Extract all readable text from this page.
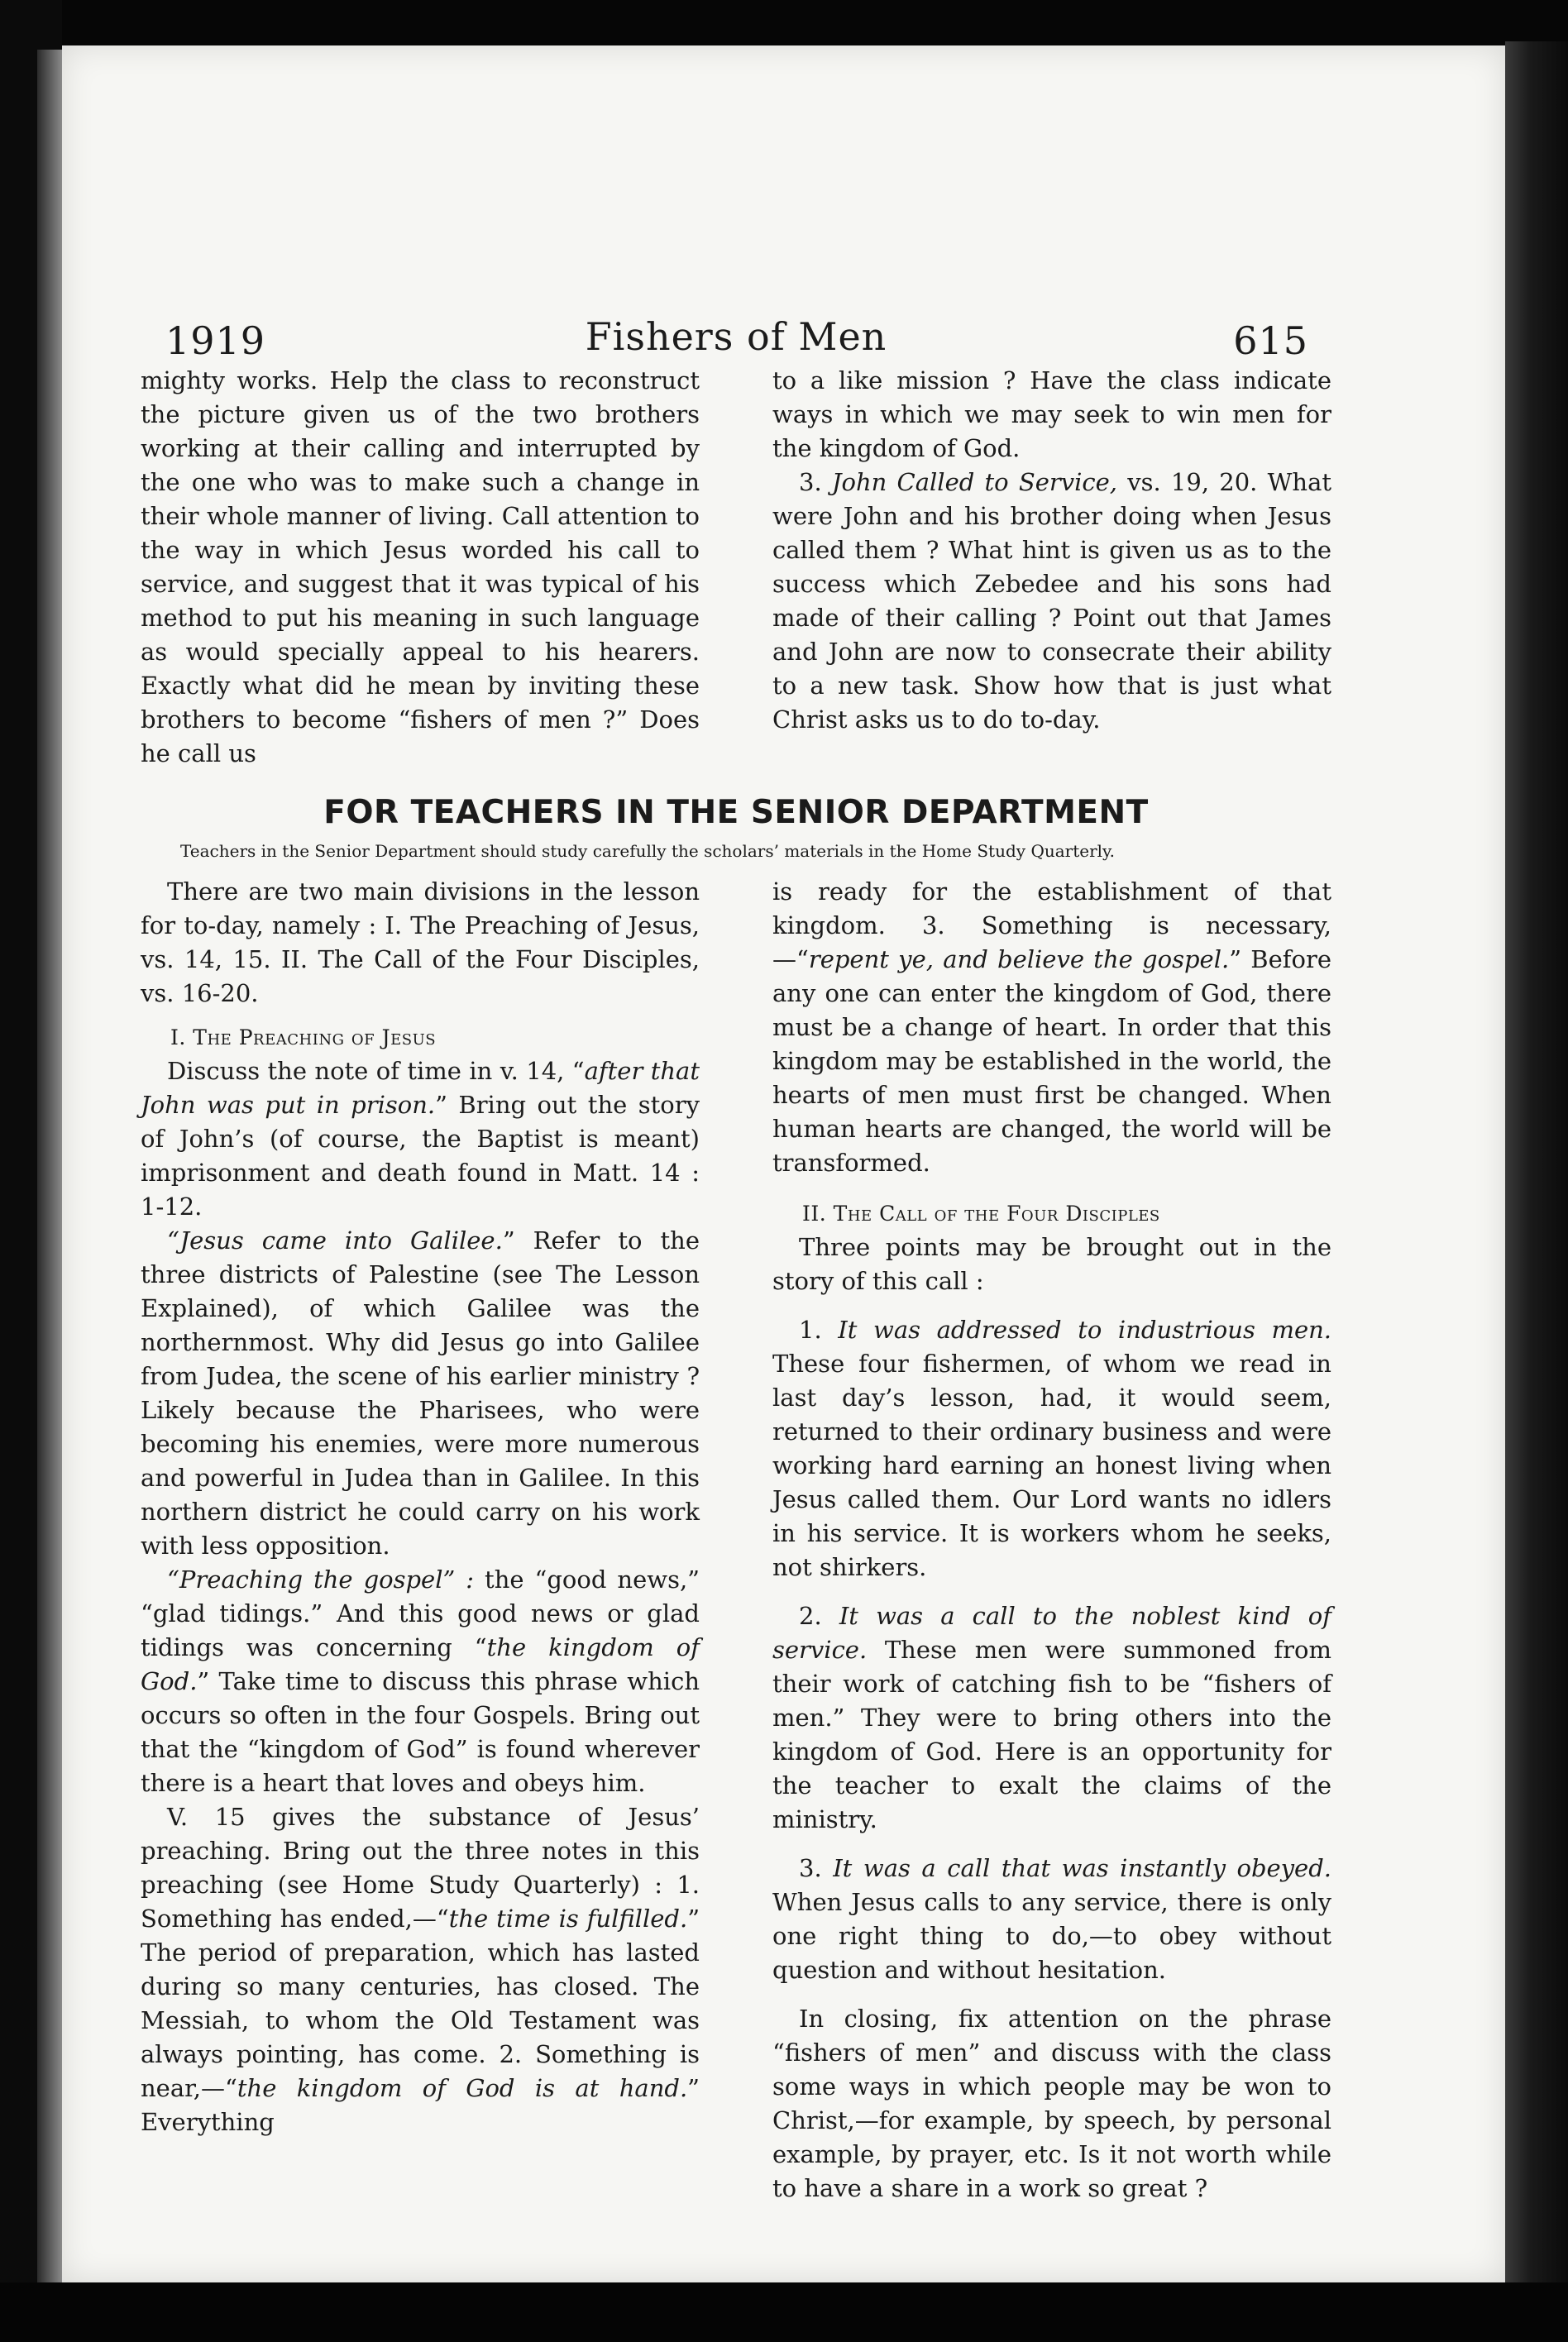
1919	Fishers of Men	615

mighty works. Help the class to reconstruct the picture given us of the two brothers working at their calling and interrupted by the one who was to make such a change in their whole manner of living. Call attention to the way in which Jesus worded his call to service, and suggest that it was typical of his method to put his meaning in such language as would specially appeal to his hearers. Exactly what did he mean by inviting these brothers to become “fishers of men ?” Does he call us

to a like mission ? Have the class indicate ways in which we may seek to win men for the kingdom of God.

3. John Called to Service, vs. 19, 20. What were John and his brother doing when Jesus called them ? What hint is given us as to the success which Zebedee and his sons had made of their calling ? Point out that James and John are now to consecrate their ability to a new task. Show how that is just what Christ asks us to do to-day.

FOR TEACHERS IN THE SENIOR DEPARTMENT
Teachers in the Senior Department should study carefully the scholars’ materials in the Home Study Quarterly.

There are two main divisions in the lesson for to-day, namely : I. The Preaching of Jesus, vs. 14, 15. II. The Call of the Four Disciples, vs. 16-20.

I. The Preaching of Jesus

Discuss the note of time in v. 14, “after that John was put in prison.” Bring out the story of John’s (of course, the Baptist is meant) imprisonment and death found in Matt. 14 : 1-12.

“Jesus came into Galilee.” Refer to the three districts of Palestine (see The Lesson Explained), of which Galilee was the northernmost. Why did Jesus go into Galilee from Judea, the scene of his earlier ministry ? Likely because the Pharisees, who were becoming his enemies, were more numerous and powerful in Judea than in Galilee. In this northern district he could carry on his work with less opposition.

“Preaching the gospel” : the “good news,” “glad tidings.” And this good news or glad tidings was concerning “the kingdom of God.” Take time to discuss this phrase which occurs so often in the four Gospels. Bring out that the “kingdom of God” is found wherever there is a heart that loves and obeys him.

V. 15 gives the substance of Jesus’ preaching. Bring out the three notes in this preaching (see Home Study Quarterly) : 1. Something has ended,—“the time is fulfilled.” The period of preparation, which has lasted during so many centuries, has closed. The Messiah, to whom the Old Testament was always pointing, has come. 2. Something is near,—“the kingdom of God is at hand.” Everything

is ready for the establishment of that kingdom. 3. Something is necessary,—“repent ye, and believe the gospel.” Before any one can enter the kingdom of God, there must be a change of heart. In order that this kingdom may be established in the world, the hearts of men must first be changed. When human hearts are changed, the world will be transformed.

II. The Call of the Four Disciples

Three points may be brought out in the story of this call :

1. It was addressed to industrious men. These four fishermen, of whom we read in last day’s lesson, had, it would seem, returned to their ordinary business and were working hard earning an honest living when Jesus called them. Our Lord wants no idlers in his service. It is workers whom he seeks, not shirkers.

2. It was a call to the noblest kind of service. These men were summoned from their work of catching fish to be “fishers of men.” They were to bring others into the kingdom of God. Here is an opportunity for the teacher to exalt the claims of the ministry.

3. It was a call that was instantly obeyed. When Jesus calls to any service, there is only one right thing to do,—to obey without question and without hesitation.

In closing, fix attention on the phrase “fishers of men” and discuss with the class some ways in which people may be won to Christ,—for example, by speech, by personal example, by prayer, etc. Is it not worth while to have a share in a work so great ?
